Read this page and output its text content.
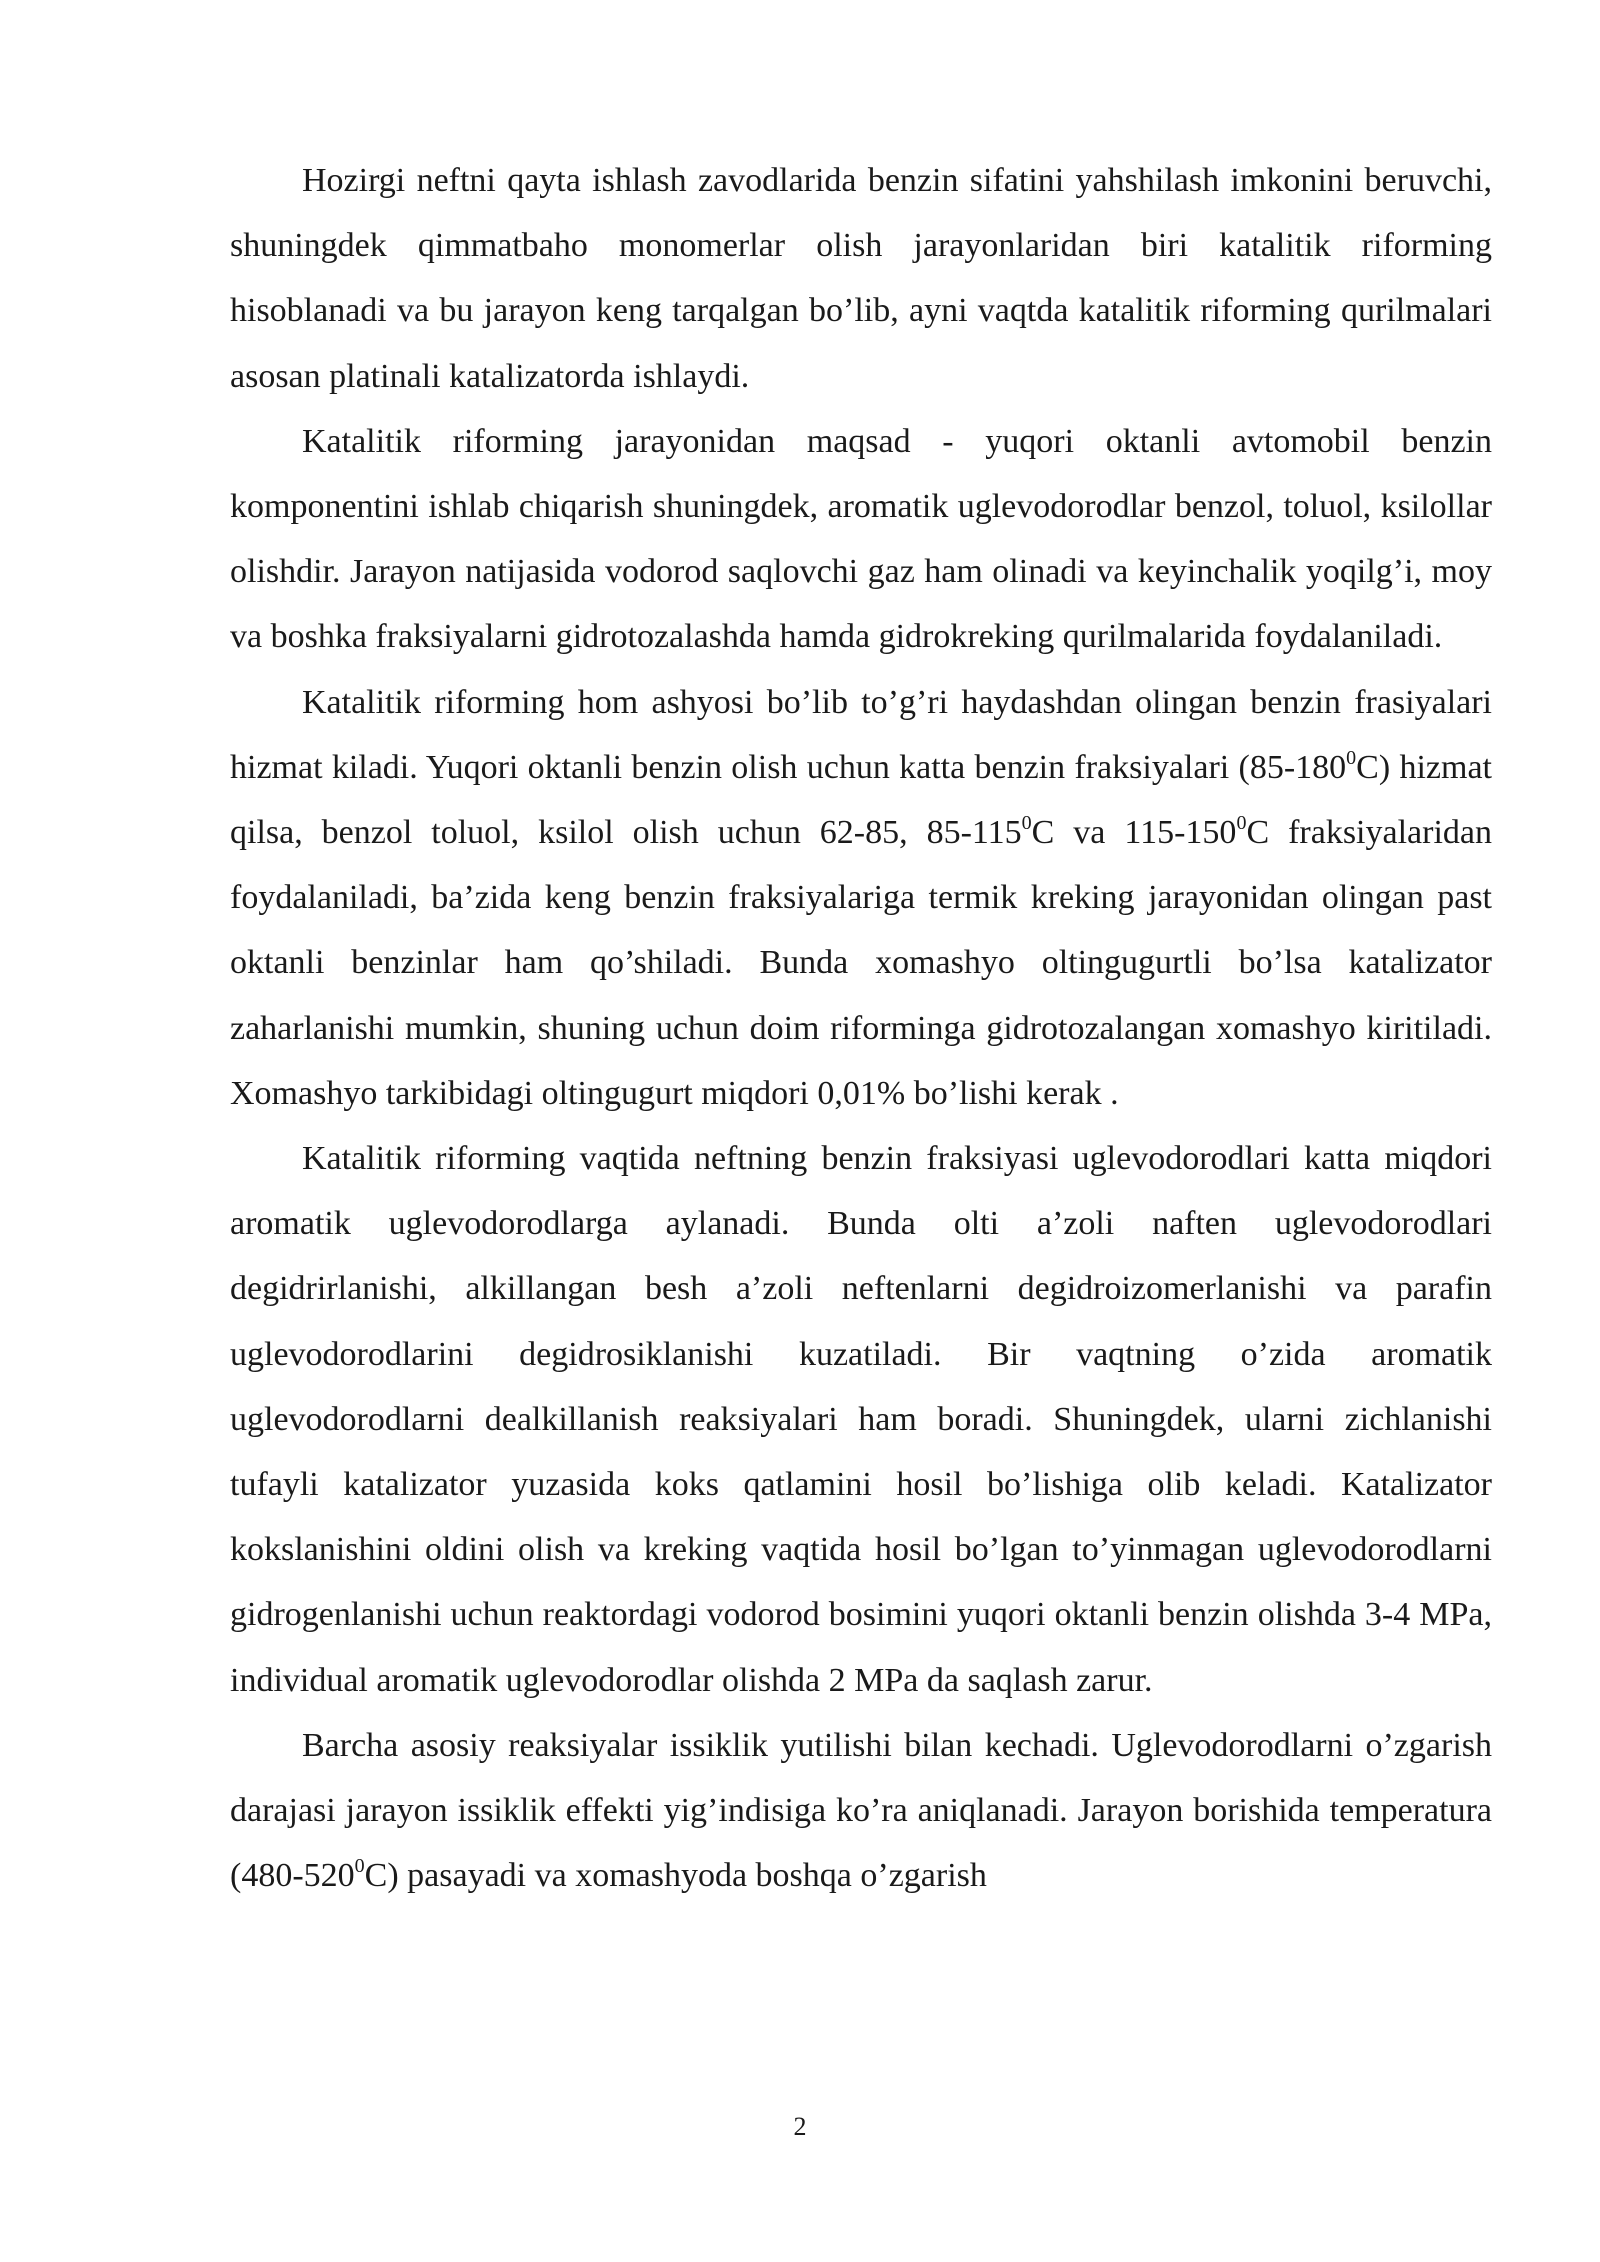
Hozirgi neftni qayta ishlash zavodlarida benzin sifatini yahshilash imkonini beruvchi, shuningdek qimmatbaho monomerlar olish jarayonlaridan biri katalitik riforming hisoblanadi va bu jarayon keng tarqalgan bo’lib, ayni vaqtda katalitik riforming qurilmalari asosan platinali katalizatorda ishlaydi.

Katalitik riforming jarayonidan maqsad - yuqori oktanli avtomobil benzin komponentini ishlab chiqarish shuningdek, aromatik uglevodorodlar benzol, toluol, ksilollar olishdir. Jarayon natijasida vodorod saqlovchi gaz ham olinadi va keyinchalik yoqilg’i, moy va boshka fraksiyalarni gidrotozalashda hamda gidrokreking qurilmalarida foydalaniladi.

Katalitik riforming hom ashyosi bo’lib to’g’ri haydashdan olingan benzin frasiyalari hizmat kiladi. Yuqori oktanli benzin olish uchun katta benzin fraksiyalari $(85-180^0C)$ hizmat qilsa, benzol toluol, ksilol olish uchun 62-85, $85-115^0C$ va $115-150^0C$ fraksiyalaridan foydalaniladi, ba’zida keng benzin fraksiyalariga termik kreking jarayonidan olingan past oktanli benzinlar ham qo’shiladi. Bunda xomashyo oltingugurtli bo’lsa katalizator zaharlanishi mumkin, shuning uchun doim riforminga gidrotozalangan xomashyo kiritiladi. Xomashyo tarkibidagi oltingugurt miqdori 0,01% bo’lishi kerak .

Katalitik riforming vaqtida neftning benzin fraksiyasi uglevodorodlari katta miqdori aromatik uglevodorodlarga aylanadi. Bunda olti a’zoli naften uglevodorodlari degidrirlanishi, alkillangan besh a’zoli neftenlarni degidroizomerlanishi va parafin uglevodorodlarini degidrosiklanishi kuzatiladi. Bir vaqtning o’zida aromatik uglevodorodlarni dealkillanish reaksiyalari ham boradi. Shuningdek, ularni zichlanishi tufayli katalizator yuzasida koks qatlamini hosil bo’lishiga olib keladi. Katalizator kokslanishini oldini olish va kreking vaqtida hosil bo’lgan to’yinmagan uglevodorodlarni gidrogenlanishi uchun reaktordagi vodorod bosimini yuqori oktanli benzin olishda 3-4 MPa, individual aromatik uglevodorodlar olishda 2 MPa da saqlash zarur.

Barcha asosiy reaksiyalar issiklik yutilishi bilan kechadi. Uglevodorodlarni o’zgarish darajasi jarayon issiklik effekti yig’indisiga ko’ra aniqlanadi. Jarayon borishida temperatura $(480-520^0C)$ pasayadi va xomashyoda boshqa o’zgarish

2
